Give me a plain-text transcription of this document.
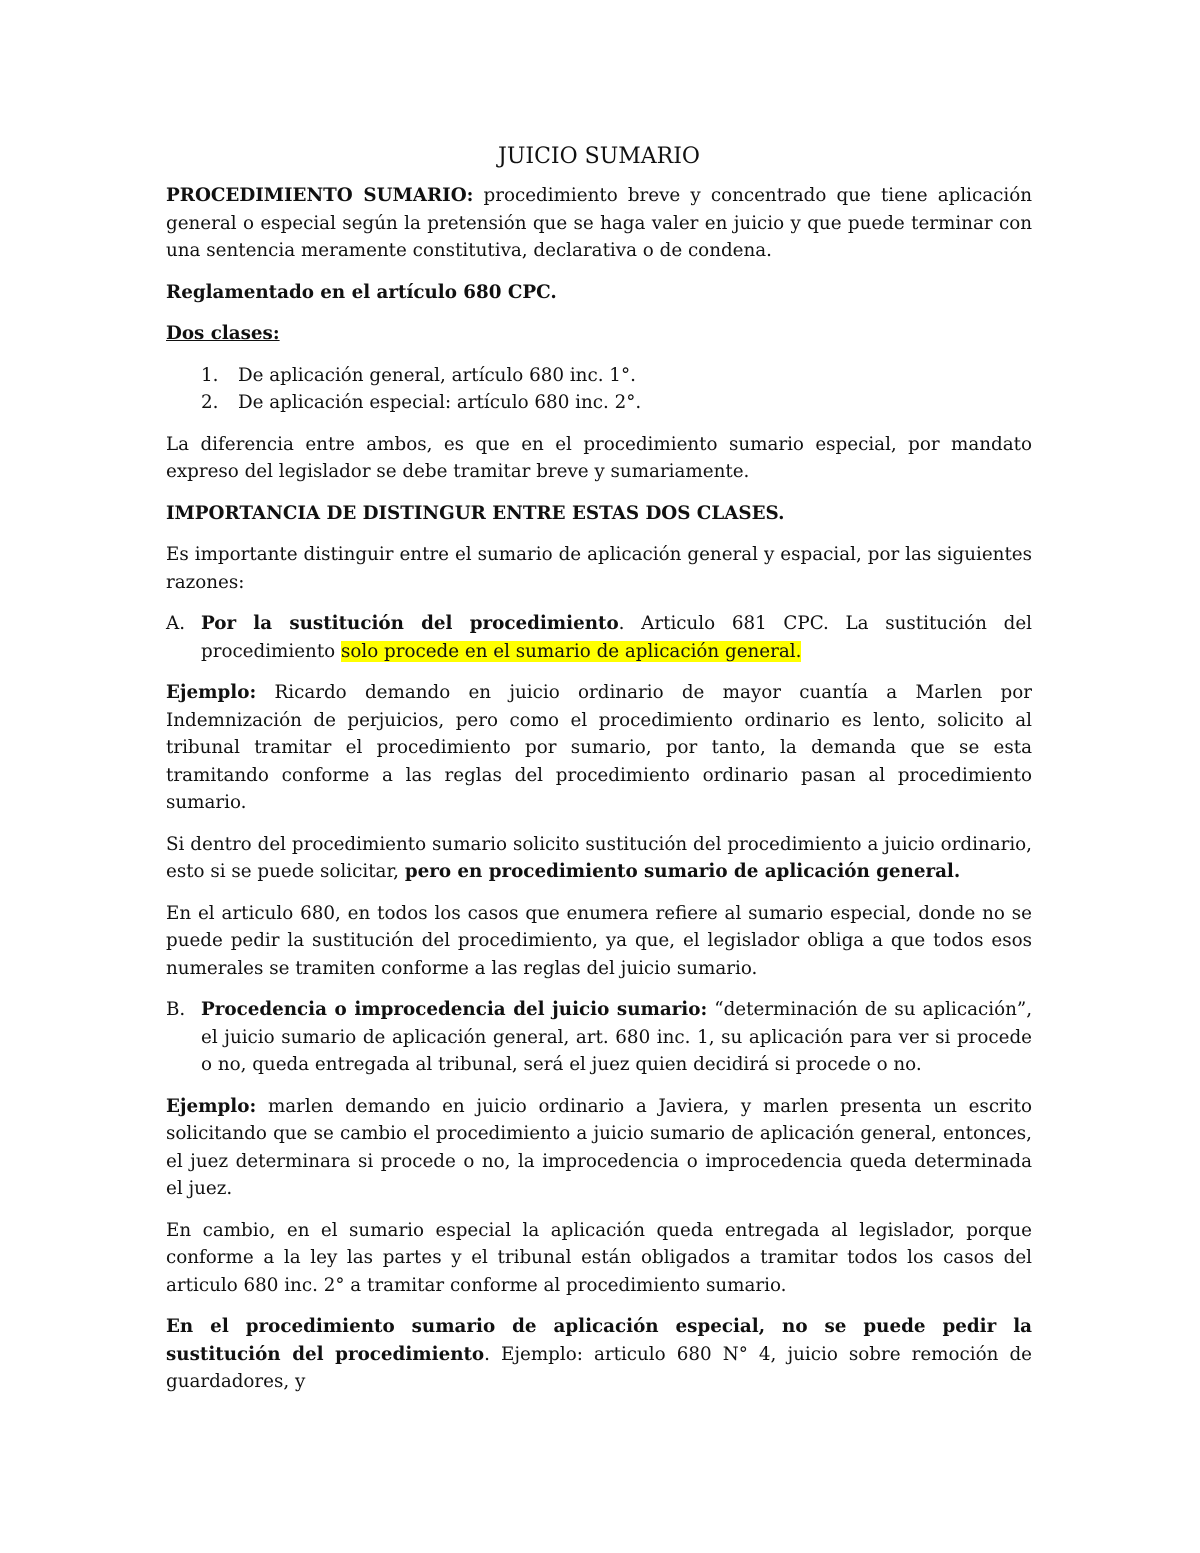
JUICIO SUMARIO

PROCEDIMIENTO SUMARIO: procedimiento breve y concentrado que tiene aplicación general o especial según la pretensión que se haga valer en juicio y que puede terminar con una sentencia meramente constitutiva, declarativa o de condena.

Reglamentado en el artículo 680 CPC.

Dos clases:

1. De aplicación general, artículo 680 inc. 1°.
2. De aplicación especial: artículo 680 inc. 2°.

La diferencia entre ambos, es que en el procedimiento sumario especial, por mandato expreso del legislador se debe tramitar breve y sumariamente.

IMPORTANCIA DE DISTINGUR ENTRE ESTAS DOS CLASES.

Es importante distinguir entre el sumario de aplicación general y espacial, por las siguientes razones:

A. Por la sustitución del procedimiento. Articulo 681 CPC. La sustitución del procedimiento solo procede en el sumario de aplicación general.

Ejemplo: Ricardo demando en juicio ordinario de mayor cuantía a Marlen por Indemnización de perjuicios, pero como el procedimiento ordinario es lento, solicito al tribunal tramitar el procedimiento por sumario, por tanto, la demanda que se esta tramitando conforme a las reglas del procedimiento ordinario pasan al procedimiento sumario.

Si dentro del procedimiento sumario solicito sustitución del procedimiento a juicio ordinario, esto si se puede solicitar, pero en procedimiento sumario de aplicación general.

En el articulo 680, en todos los casos que enumera refiere al sumario especial, donde no se puede pedir la sustitución del procedimiento, ya que, el legislador obliga a que todos esos numerales se tramiten conforme a las reglas del juicio sumario.

B. Procedencia o improcedencia del juicio sumario: “determinación de su aplicación”, el juicio sumario de aplicación general, art. 680 inc. 1, su aplicación para ver si procede o no, queda entregada al tribunal, será el juez quien decidirá si procede o no.

Ejemplo: marlen demando en juicio ordinario a Javiera, y marlen presenta un escrito solicitando que se cambio el procedimiento a juicio sumario de aplicación general, entonces, el juez determinara si procede o no, la improcedencia o improcedencia queda determinada el juez.

En cambio, en el sumario especial la aplicación queda entregada al legislador, porque conforme a la ley las partes y el tribunal están obligados a tramitar todos los casos del articulo 680 inc. 2° a tramitar conforme al procedimiento sumario.

En el procedimiento sumario de aplicación especial, no se puede pedir la sustitución del procedimiento. Ejemplo: articulo 680 N° 4, juicio sobre remoción de guardadores, y
